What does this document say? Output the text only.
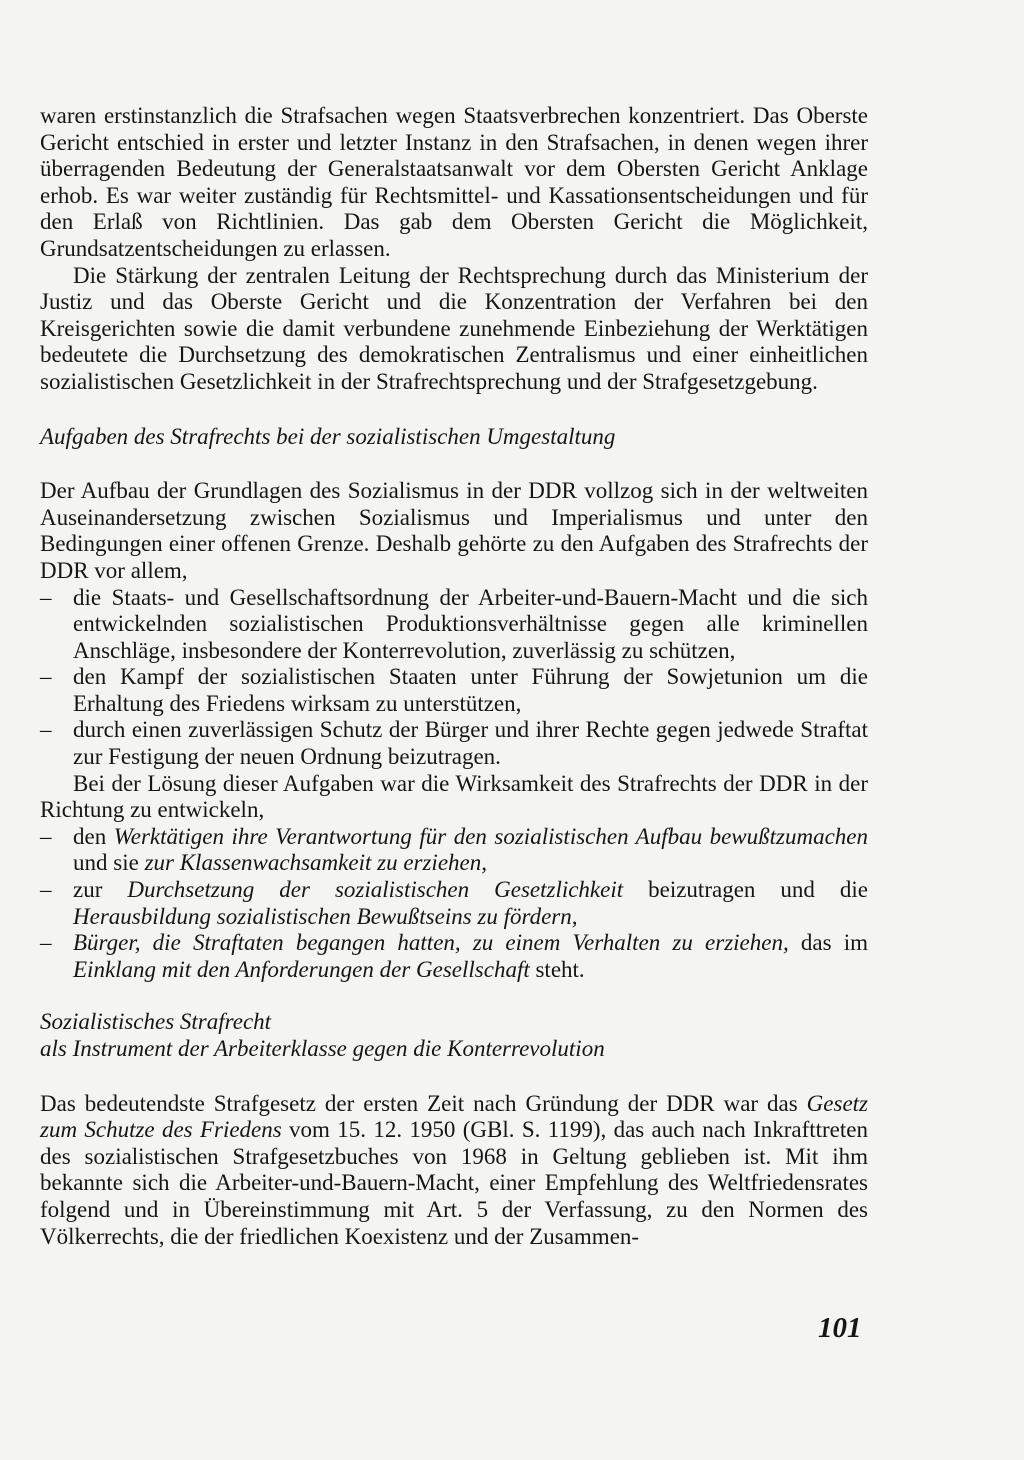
waren erstinstanzlich die Strafsachen wegen Staatsverbrechen konzentriert. Das Oberste Gericht entschied in erster und letzter Instanz in den Strafsachen, in denen wegen ihrer überragenden Bedeutung der Generalstaatsanwalt vor dem Obersten Gericht Anklage erhob. Es war weiter zuständig für Rechtsmittel- und Kassationsentscheidungen und für den Erlaß von Richtlinien. Das gab dem Obersten Gericht die Möglichkeit, Grundsatzentscheidungen zu erlassen.

Die Stärkung der zentralen Leitung der Rechtsprechung durch das Ministerium der Justiz und das Oberste Gericht und die Konzentration der Verfahren bei den Kreisgerichten sowie die damit verbundene zunehmende Einbeziehung der Werktätigen bedeutete die Durchsetzung des demokratischen Zentralismus und einer einheitlichen sozialistischen Gesetzlichkeit in der Strafrechtsprechung und der Strafgesetzgebung.

Aufgaben des Strafrechts bei der sozialistischen Umgestaltung

Der Aufbau der Grundlagen des Sozialismus in der DDR vollzog sich in der weltweiten Auseinandersetzung zwischen Sozialismus und Imperialismus und unter den Bedingungen einer offenen Grenze. Deshalb gehörte zu den Aufgaben des Strafrechts der DDR vor allem,

– die Staats- und Gesellschaftsordnung der Arbeiter-und-Bauern-Macht und die sich entwickelnden sozialistischen Produktionsverhältnisse gegen alle kriminellen Anschläge, insbesondere der Konterrevolution, zuverlässig zu schützen,
– den Kampf der sozialistischen Staaten unter Führung der Sowjetunion um die Erhaltung des Friedens wirksam zu unterstützen,
– durch einen zuverlässigen Schutz der Bürger und ihrer Rechte gegen jedwede Straftat zur Festigung der neuen Ordnung beizutragen.

Bei der Lösung dieser Aufgaben war die Wirksamkeit des Strafrechts der DDR in der Richtung zu entwickeln,

– den Werktätigen ihre Verantwortung für den sozialistischen Aufbau bewußtzumachen und sie zur Klassenwachsamkeit zu erziehen,
– zur Durchsetzung der sozialistischen Gesetzlichkeit beizutragen und die Herausbildung sozialistischen Bewußtseins zu fördern,
– Bürger, die Straftaten begangen hatten, zu einem Verhalten zu erziehen, das im Einklang mit den Anforderungen der Gesellschaft steht.
Sozialistisches Strafrecht
als Instrument der Arbeiterklasse gegen die Konterrevolution

Das bedeutendste Strafgesetz der ersten Zeit nach Gründung der DDR war das Gesetz zum Schutze des Friedens vom 15. 12. 1950 (GBl. S. 1199), das auch nach Inkrafttreten des sozialistischen Strafgesetzbuches von 1968 in Geltung geblieben ist. Mit ihm bekannte sich die Arbeiter-und-Bauern-Macht, einer Empfehlung des Weltfriedensrates folgend und in Übereinstimmung mit Art. 5 der Verfassung, zu den Normen des Völkerrechts, die der friedlichen Koexistenz und der Zusammen-

101
